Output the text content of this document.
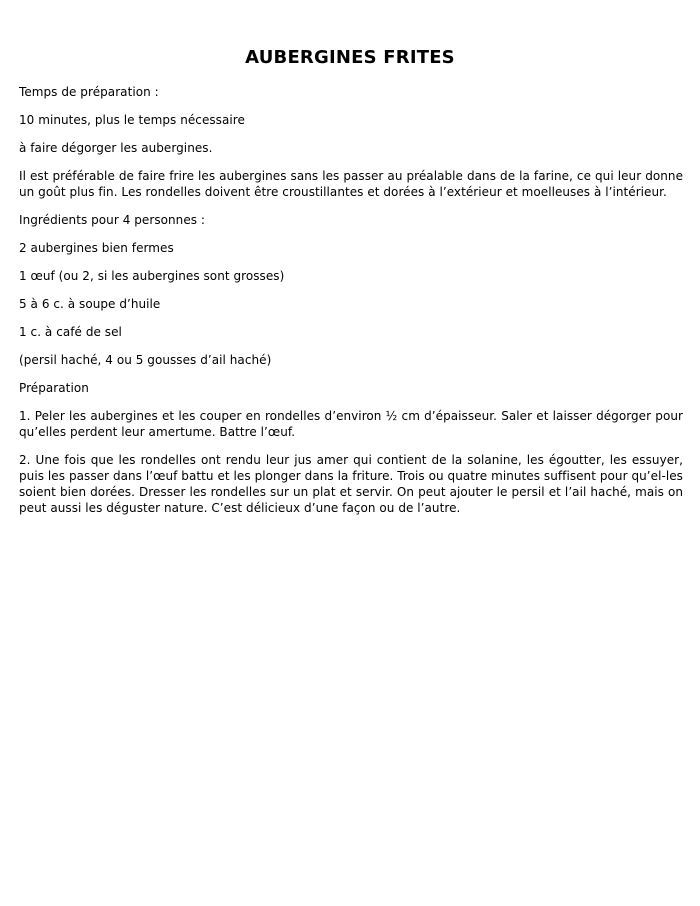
AUBERGINES FRITES

Temps de préparation :

10 minutes, plus le temps nécessaire

à faire dégorger les aubergines.

Il est préférable de faire frire les aubergines sans les passer au préalable dans de la farine, ce qui leur donne un goût plus fin. Les rondelles doivent être croustillantes et dorées à l’extérieur et moelleuses à l’intérieur.

Ingrédients pour 4 personnes :

2 aubergines bien fermes

1 œuf (ou 2, si les aubergines sont grosses)

5 à 6 c. à soupe d’huile

1 c. à café de sel

(persil haché, 4 ou 5 gousses d’ail haché)

Préparation

1. Peler les aubergines et les couper en rondelles d’environ ½ cm d’épaisseur. Saler et laisser dégorger pour qu’elles perdent leur amertume. Battre l’œuf.

2. Une fois que les rondelles ont rendu leur jus amer qui contient de la solanine, les égoutter, les essuyer, puis les passer dans l’œuf battu et les plonger dans la friture. Trois ou quatre minutes suffisent pour qu’el-les soient bien dorées. Dresser les rondelles sur un plat et servir. On peut ajouter le persil et l’ail haché, mais on peut aussi les déguster nature. C’est délicieux d’une façon ou de l’autre.
